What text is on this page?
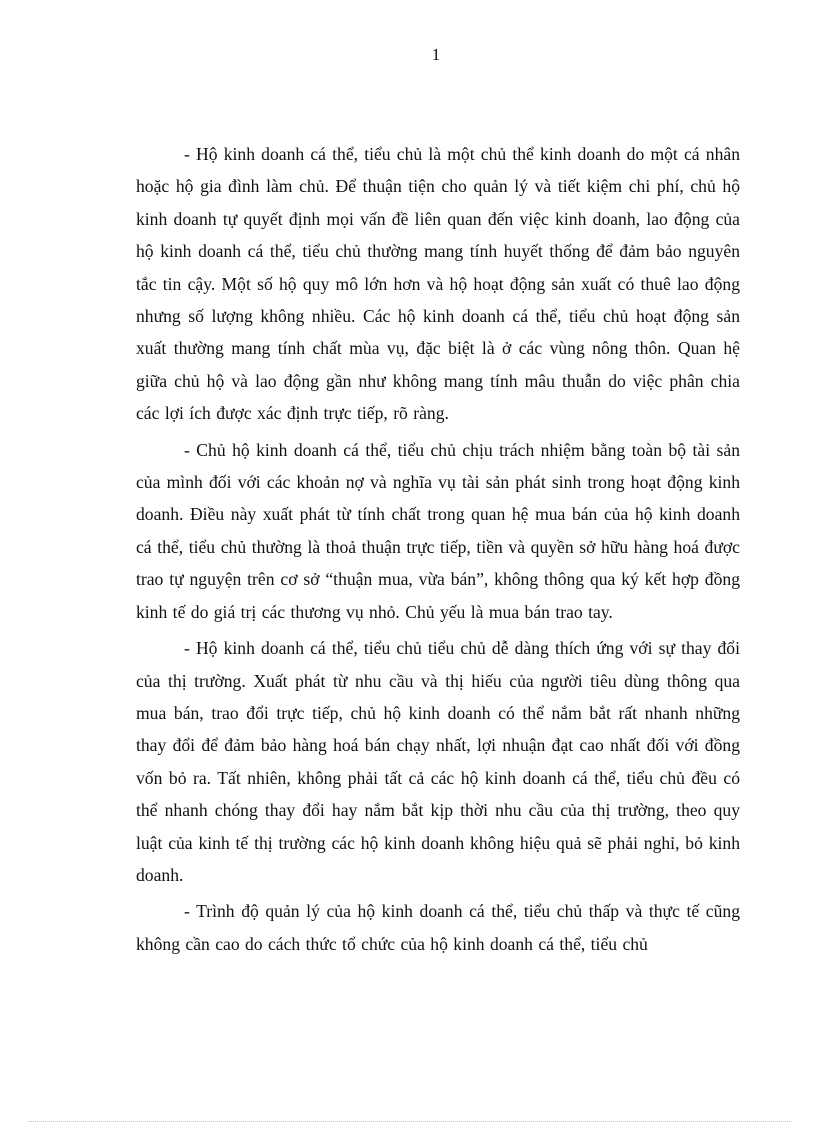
1

- Hộ kinh doanh cá thể, tiểu chủ là một chủ thể kinh doanh do một cá nhân hoặc hộ gia đình làm chủ. Để thuận tiện cho quản lý và tiết kiệm chi phí, chủ hộ kinh doanh tự quyết định mọi vấn đề liên quan đến việc kinh doanh, lao động của hộ kinh doanh cá thể, tiểu chủ thường mang tính huyết thống để đảm bảo nguyên tắc tin cậy. Một số hộ quy mô lớn hơn và hộ hoạt động sản xuất có thuê lao động nhưng số lượng không nhiều. Các hộ kinh doanh cá thể, tiểu chủ hoạt động sản xuất thường mang tính chất mùa vụ, đặc biệt là ở các vùng nông thôn. Quan hệ giữa chủ hộ và lao động gần như không mang tính mâu thuẫn do việc phân chia các lợi ích được xác định trực tiếp, rõ ràng.

- Chủ hộ kinh doanh cá thể, tiểu chủ chịu trách nhiệm bằng toàn bộ tài sản của mình đối với các khoản nợ và nghĩa vụ tài sản phát sinh trong hoạt động kinh doanh. Điều này xuất phát từ tính chất trong quan hệ mua bán của hộ kinh doanh cá thể, tiểu chủ thường là thoả thuận trực tiếp, tiền và quyền sở hữu hàng hoá được trao tự nguyện trên cơ sở “thuận mua, vừa bán”, không thông qua ký kết hợp đồng kinh tế do giá trị các thương vụ nhỏ. Chủ yếu là mua bán trao tay.

- Hộ kinh doanh cá thể, tiểu chủ tiểu chủ dễ dàng thích ứng với sự thay đổi của thị trường. Xuất phát từ nhu cầu và thị hiếu của người tiêu dùng thông qua mua bán, trao đổi trực tiếp, chủ hộ kinh doanh có thể nắm bắt rất nhanh những thay đổi để đảm bảo hàng hoá bán chạy nhất, lợi nhuận đạt cao nhất đối với đồng vốn bỏ ra. Tất nhiên, không phải tất cả các hộ kinh doanh cá thể, tiểu chủ đều có thể nhanh chóng thay đổi hay nắm bắt kịp thời nhu cầu của thị trường, theo quy luật của kinh tế thị trường các hộ kinh doanh không hiệu quả sẽ phải nghỉ, bỏ kinh doanh.

- Trình độ quản lý của hộ kinh doanh cá thể, tiểu chủ thấp và thực tế cũng không cần cao do cách thức tổ chức của hộ kinh doanh cá thể, tiểu chủ
